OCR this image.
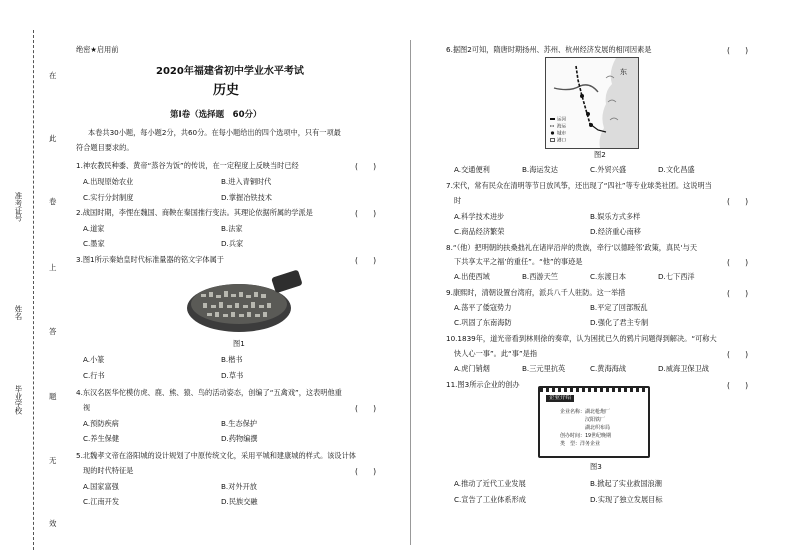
在
此
卷
上
答
题
无
效
准考证号
姓名
毕业学校
绝密★启用前
2020年福建省初中学业水平考试
历史
第Ⅰ卷（选择题　60分）
本卷共30小题，每小题2分，共60分。在每小题给出的四个选项中，只有一项最
符合题目要求的。
1.神农教民种黍、黄帝“蒸谷为饭”的传说，在一定程度上反映当时已经	(　　)
A.出现原始农业	B.进入青铜时代
C.实行分封制度	D.掌握冶铁技术
2.战国时期，李悝在魏国、商鞅在秦国推行变法。其理论依据所属的学派是	(　　)
A.道家	B.法家
C.墨家	D.兵家
3.图1所示秦始皇时代标准量器的铭文字体属于	(　　)
图1
A.小篆	B.楷书
C.行书	D.草书
4.东汉名医华佗模仿虎、鹿、熊、猿、鸟的活动姿态，创编了“五禽戏”，这表明他重
视	(　　)
A.预防疾病	B.生态保护
C.养生保健	D.药物编撰
5.北魏孝文帝在洛阳城的设计规划了中原传统文化，采用平城和建康城的样式。该设计体
现的时代特征是	(　　)
A.国家富强	B.对外开放
C.江南开发	D.民族交融
6.据图2可知，隋唐时期扬州、苏州、杭州经济发展的相同因素是	(　　)
东
运河
海运
城市
港口
图2
A.交通便利	B.海运发达	C.外贸兴盛	D.文化昌盛
7.宋代，常有民众在清明等节日放风筝，还出现了“四社”等专业球类社团。这说明当
时	(　　)
A.科学技术进步	B.娱乐方式多样
C.商品经济繁荣	D.经济重心南移
8.“（他）把明朝的扶桑拙礼在诸岸沿岸的贵族，牵行‘以德睦邻’政策，真民‘与天
下共享太平之福’的重任”。“他”的事迹是	(　　)
A.出使西域	B.西游天竺	C.东渡日本	D.七下西洋
9.康熙时，清朝设置台湾府，派兵八千人驻防。这一举措	(　　)
A.荡平了倭寇势力	B.平定了回部叛乱
C.巩固了东南海防	D.强化了君主专制
10.1839年，道光帝看到林则徐的奏章，认为困扰已久的鸦片问题得到解决。“可称大
快人心一事”。此“事”是指	(　　)
A.虎门销烟	B.三元里抗英	C.黄海海战	D.威海卫保卫战
11.图3所示企业的创办	(　　)
企业介绍
企业名称：湖北枪炮厂
汉阳铁厂
湖北织布局
创办时间：19世纪晚期
类　型：洋务企业
图3
A.推动了近代工业发展	B.掀起了实业救国浪潮
C.宣告了工业体系形成	D.实现了独立发展目标
